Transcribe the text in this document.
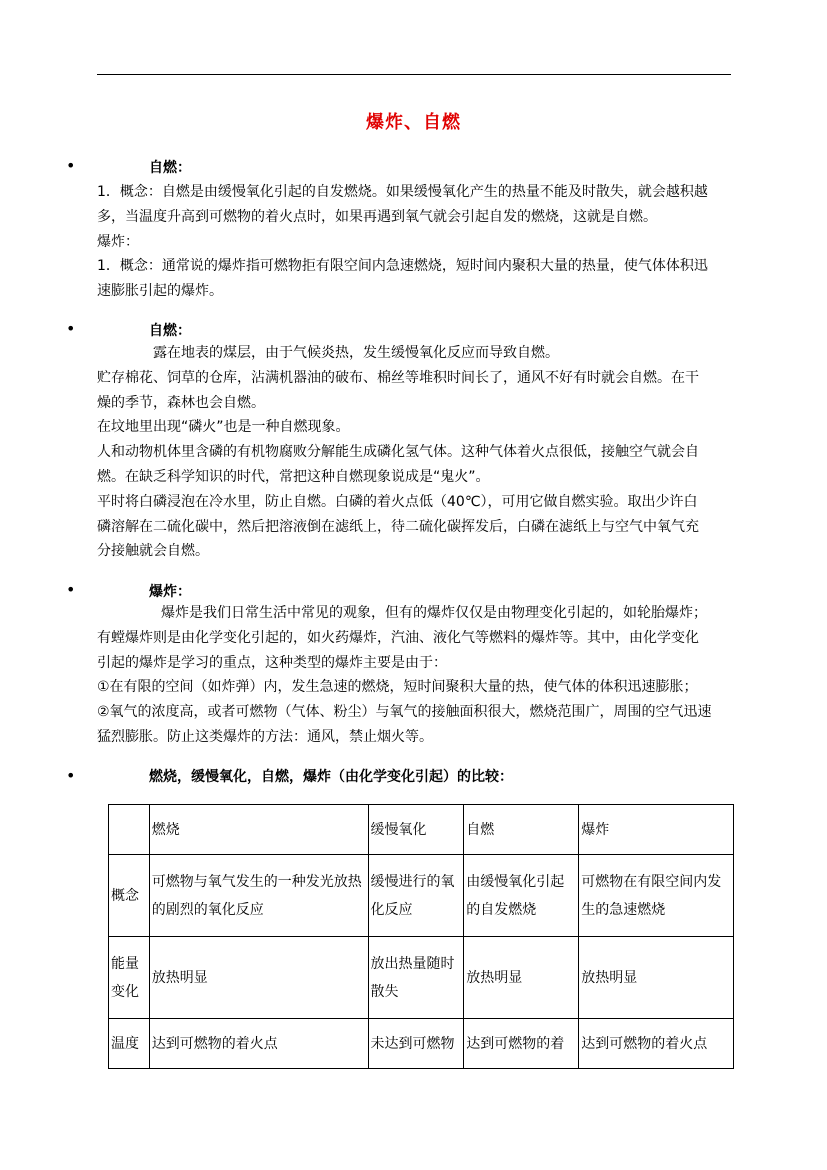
爆炸、自燃
•	自燃：

1．概念：自燃是由缓慢氧化引起的自发燃烧。如果缓慢氧化产生的热量不能及时散失，就会越积越

多，当温度升高到可燃物的着火点时，如果再遇到氧气就会引起自发的燃烧，这就是自燃。

爆炸：

1．概念：通常说的爆炸指可燃物拒有限空间内急速燃烧，短时间内聚积大量的热量，使气体体积迅

速膨胀引起的爆炸。

•	自燃：

露在地表的煤层，由于气候炎热，发生缓慢氧化反应而导致自燃。

贮存棉花、饲草的仓库，沾满机器油的破布、棉丝等堆积时间长了，通风不好有时就会自燃。在干

燥的季节，森林也会自燃。

在坟地里出现“磷火”也是一种自燃现象。

人和动物机体里含磷的有机物腐败分解能生成磷化氢气体。这种气体着火点很低，接触空气就会自

燃。在缺乏科学知识的时代，常把这种自燃现象说成是“鬼火”。

平时将白磷浸泡在冷水里，防止自燃。白磷的着火点低（40℃），可用它做自燃实验。取出少许白

磷溶解在二硫化碳中，然后把溶液倒在滤纸上，待二硫化碳挥发后，白磷在滤纸上与空气中氧气充

分接触就会自燃。

•	爆炸：

爆炸是我们日常生活中常见的观象，但有的爆炸仅仅是由物理变化引起的，如轮胎爆炸；

有螳爆炸则是由化学变化引起的，如火药爆炸，汽油、液化气等燃料的爆炸等。其中，由化学变化

引起的爆炸是学习的重点，这种类型的爆炸主要是由于：

①在有限的空间（如炸弹）内，发生急速的燃烧，短时间聚积大量的热，使气体的体积迅速膨胀；

②氧气的浓度高，或者可燃物（气体、粉尘）与氧气的接触面积很大，燃烧范围广，周围的空气迅速

猛烈膨胀。防止这类爆炸的方法：通风，禁止烟火等。

•	燃烧，缓慢氧化，自燃，爆炸（由化学变化引起）的比较：
	燃烧	缓慢氧化	自燃	爆炸
概念	可燃物与氧气发生的一种发光放热的剧烈的氧化反应	缓慢进行的氧化反应	由缓慢氧化引起的自发燃烧	可燃物在有限空间内发生的急速燃烧
能量变化	放热明显	放出热量随时散失	放热明显	放热明显
温度	达到可燃物的着火点	未达到可燃物	达到可燃物的着	达到可燃物的着火点
